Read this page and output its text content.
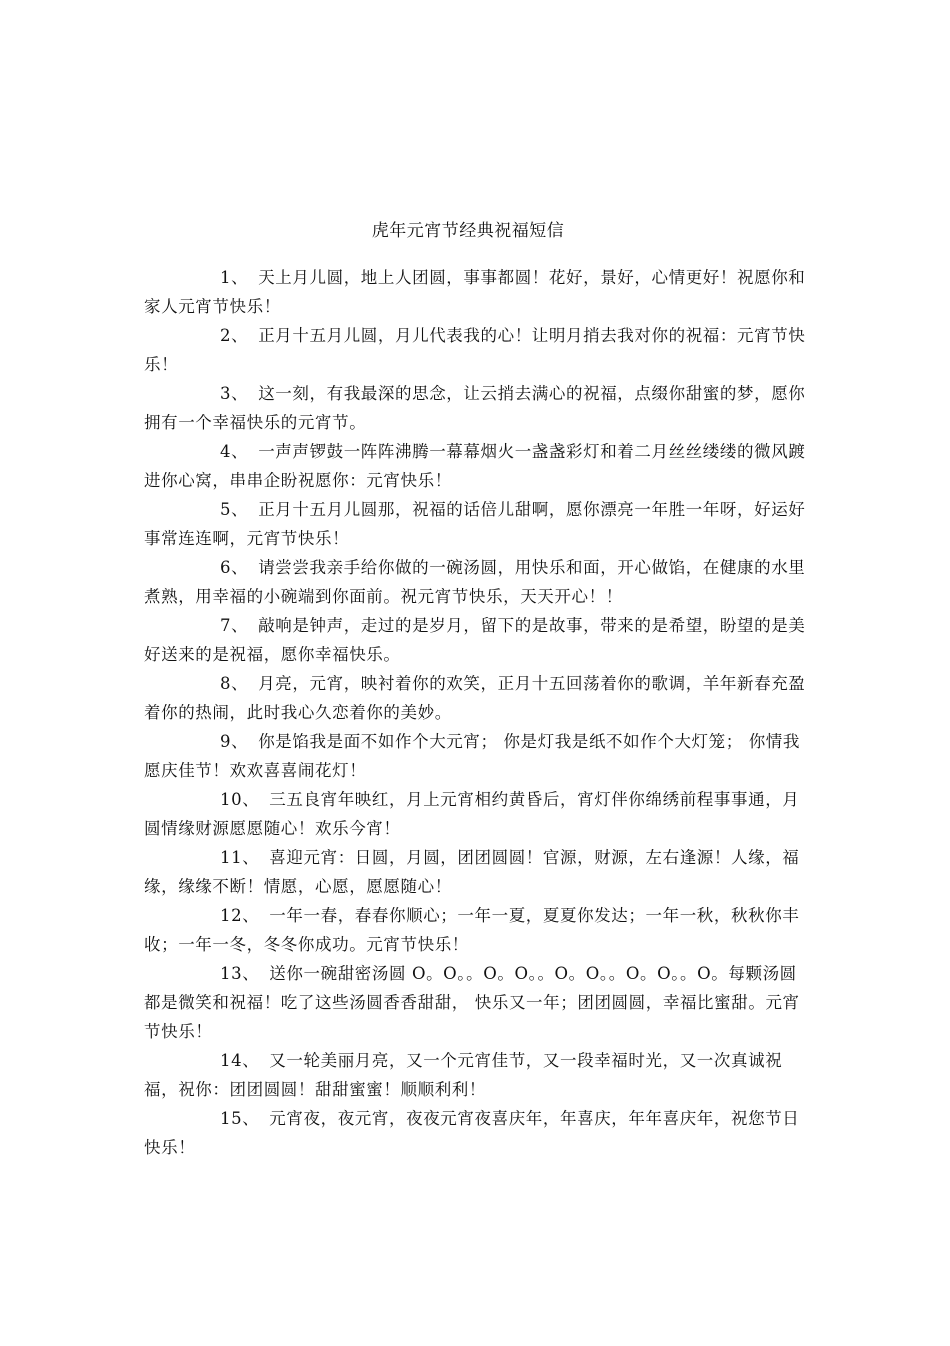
虎年元宵节经典祝福短信

1、 天上月儿圆，地上人团圆，事事都圆！花好，景好，心情更好！祝愿你和家人元宵节快乐！

2、 正月十五月儿圆，月儿代表我的心！让明月捎去我对你的祝福：元宵节快乐！

3、 这一刻，有我最深的思念，让云捎去满心的祝福，点缀你甜蜜的梦，愿你拥有一个幸福快乐的元宵节。

4、 一声声锣鼓一阵阵沸腾一幕幕烟火一盏盏彩灯和着二月丝丝缕缕的微风踱进你心窝，串串企盼祝愿你：元宵快乐！

5、 正月十五月儿圆那，祝福的话倍儿甜啊，愿你漂亮一年胜一年呀，好运好事常连连啊，元宵节快乐！

6、 请尝尝我亲手给你做的一碗汤圆，用快乐和面，开心做馅，在健康的水里煮熟，用幸福的小碗端到你面前。祝元宵节快乐，天天开心！！

7、 敲响是钟声，走过的是岁月，留下的是故事，带来的是希望，盼望的是美好送来的是祝福，愿你幸福快乐。

8、 月亮，元宵，映衬着你的欢笑，正月十五回荡着你的歌调，羊年新春充盈着你的热闹，此时我心久恋着你的美妙。

9、 你是馅我是面不如作个大元宵； 你是灯我是纸不如作个大灯笼； 你情我愿庆佳节！欢欢喜喜闹花灯！

10、 三五良宵年映红，月上元宵相约黄昏后，宵灯伴你绵绣前程事事通，月圆情缘财源愿愿随心！欢乐今宵！

11、 喜迎元宵：日圆，月圆，团团圆圆！官源，财源，左右逢源！人缘，福缘，缘缘不断！情愿，心愿，愿愿随心！

12、 一年一春，春春你顺心；一年一夏，夏夏你发达；一年一秋，秋秋你丰收；一年一冬，冬冬你成功。元宵节快乐！

13、 送你一碗甜密汤圆 O。O。。O。O。。O。O。。O。O。。O。每颗汤圆都是微笑和祝福！吃了这些汤圆香香甜甜， 快乐又一年；团团圆圆，幸福比蜜甜。元宵节快乐！

14、 又一轮美丽月亮，又一个元宵佳节，又一段幸福时光，又一次真诚祝福，祝你：团团圆圆！甜甜蜜蜜！顺顺利利！

15、 元宵夜，夜元宵，夜夜元宵夜喜庆年，年喜庆，年年喜庆年，祝您节日快乐！
